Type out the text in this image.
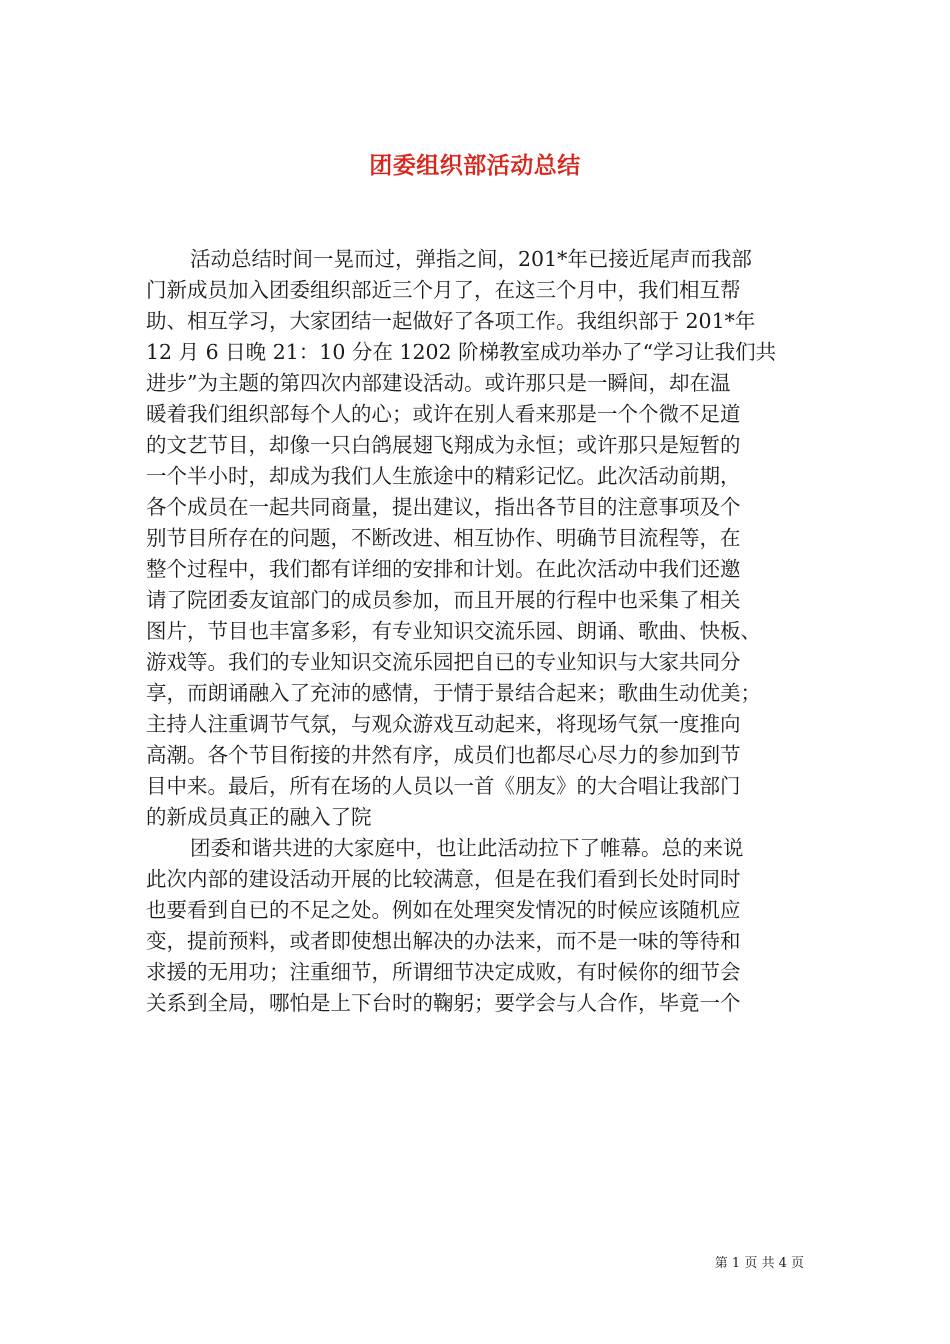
团委组织部活动总结

活动总结时间一晃而过，弹指之间，201*年已接近尾声而我部
门新成员加入团委组织部近三个月了，在这三个月中，我们相互帮
助、相互学习，大家团结一起做好了各项工作。我组织部于 201*年
12 月 6 日晚 21：10 分在 1202 阶梯教室成功举办了“学习让我们共
进步”为主题的第四次内部建设活动。或许那只是一瞬间，却在温
暖着我们组织部每个人的心；或许在别人看来那是一个个微不足道
的文艺节目，却像一只白鸽展翅飞翔成为永恒；或许那只是短暂的
一个半小时，却成为我们人生旅途中的精彩记忆。此次活动前期，
各个成员在一起共同商量，提出建议，指出各节目的注意事项及个
别节目所存在的问题，不断改进、相互协作、明确节目流程等，在
整个过程中，我们都有详细的安排和计划。在此次活动中我们还邀
请了院团委友谊部门的成员参加，而且开展的行程中也采集了相关
图片，节目也丰富多彩，有专业知识交流乐园、朗诵、歌曲、快板、
游戏等。我们的专业知识交流乐园把自已的专业知识与大家共同分
享，而朗诵融入了充沛的感情，于情于景结合起来；歌曲生动优美；
主持人注重调节气氛，与观众游戏互动起来，将现场气氛一度推向
高潮。各个节目衔接的井然有序，成员们也都尽心尽力的参加到节
目中来。最后，所有在场的人员以一首《朋友》的大合唱让我部门
的新成员真正的融入了院

团委和谐共进的大家庭中，也让此活动拉下了帷幕。总的来说
此次内部的建设活动开展的比较满意，但是在我们看到长处时同时
也要看到自已的不足之处。例如在处理突发情况的时候应该随机应
变，提前预料，或者即使想出解决的办法来，而不是一味的等待和
求援的无用功；注重细节，所谓细节决定成败，有时候你的细节会
关系到全局，哪怕是上下台时的鞠躬；要学会与人合作，毕竟一个

第 1 页 共 4 页
